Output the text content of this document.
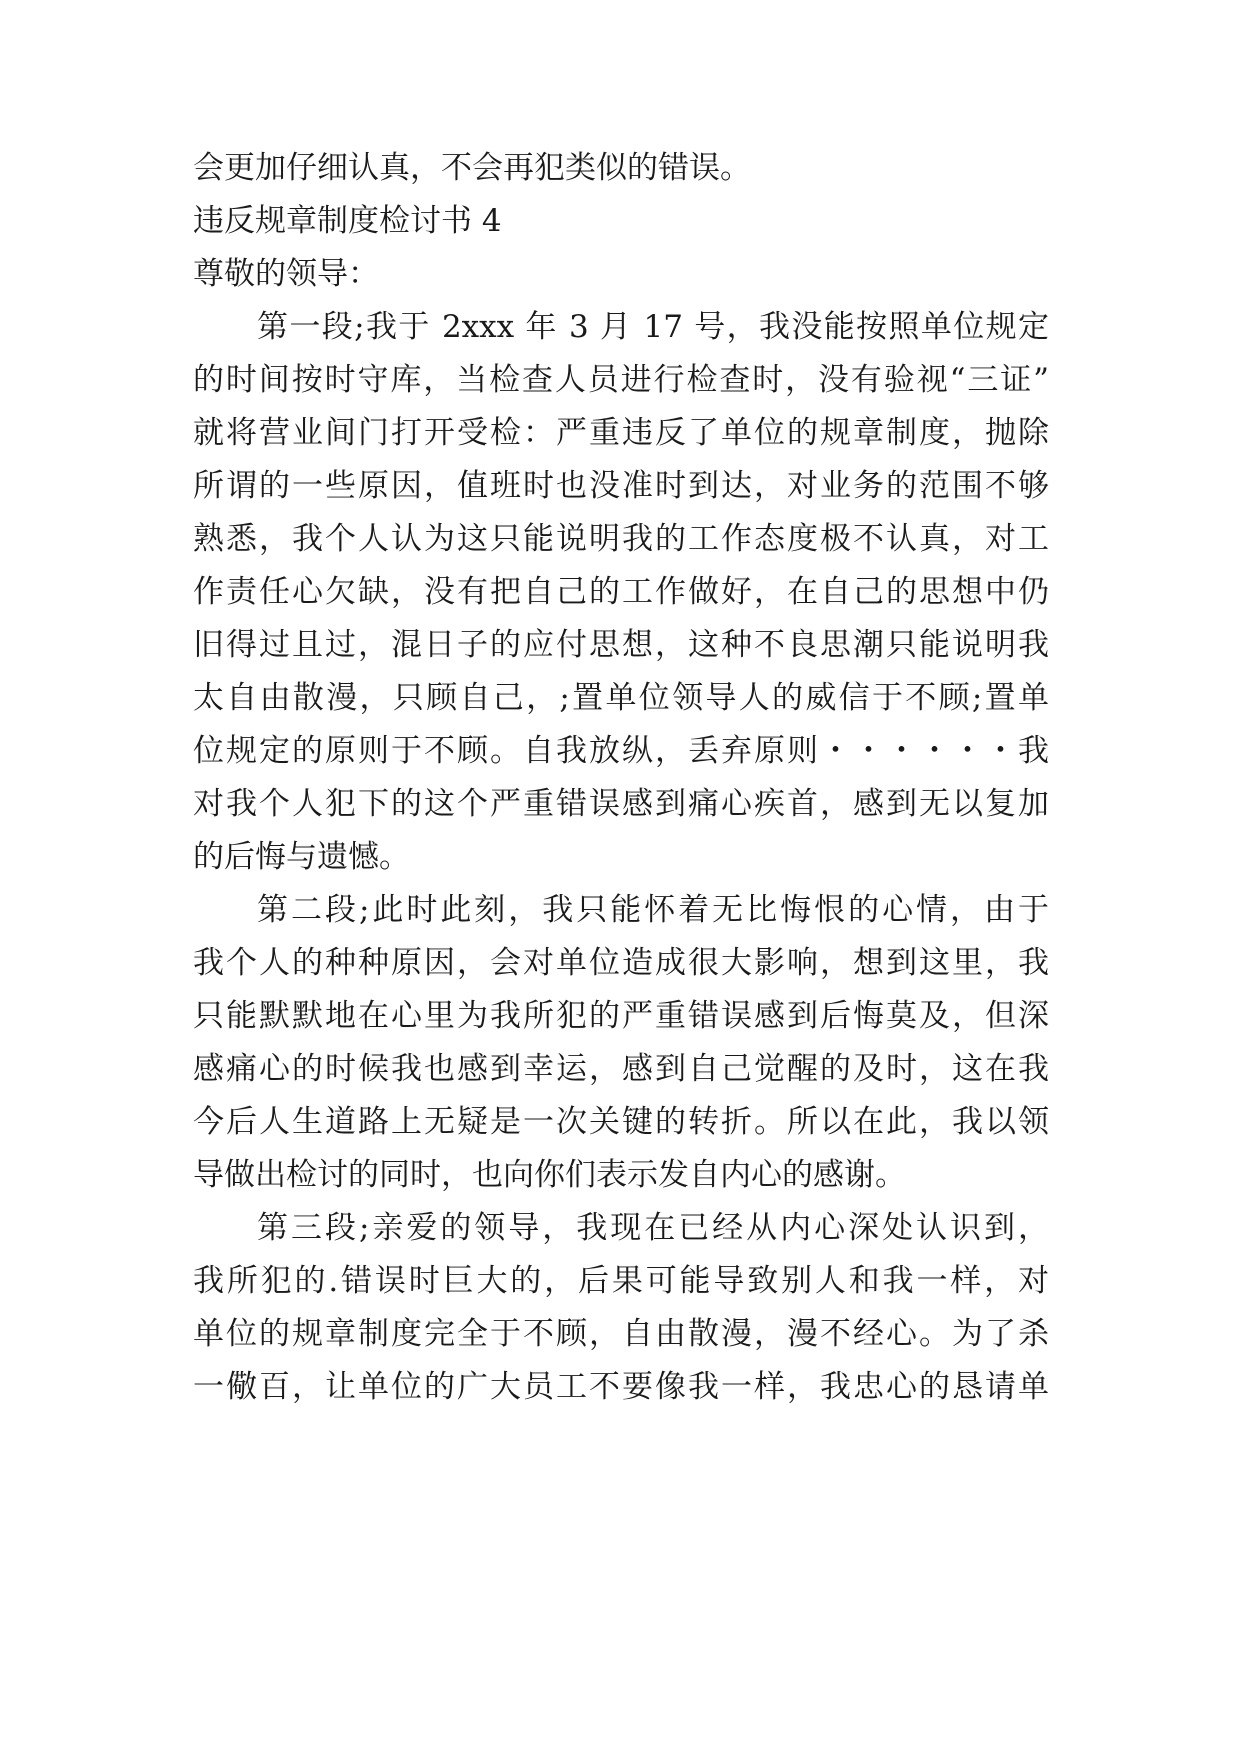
会更加仔细认真，不会再犯类似的错误。
违反规章制度检讨书 4
尊敬的领导：
第一段;我于 2xxx 年 3 月 17 号，我没能按照单位规定
的时间按时守库，当检查人员进行检查时，没有验视“三证”
就将营业间门打开受检：严重违反了单位的规章制度，抛除
所谓的一些原因，值班时也没准时到达，对业务的范围不够
熟悉，我个人认为这只能说明我的工作态度极不认真，对工
作责任心欠缺，没有把自己的工作做好，在自己的思想中仍
旧得过且过，混日子的应付思想，这种不良思潮只能说明我
太自由散漫，只顾自己，;置单位领导人的威信于不顾;置单
位规定的原则于不顾。自我放纵，丢弃原则・・・・・・我
对我个人犯下的这个严重错误感到痛心疾首，感到无以复加
的后悔与遗憾。
第二段;此时此刻，我只能怀着无比悔恨的心情，由于
我个人的种种原因，会对单位造成很大影响，想到这里，我
只能默默地在心里为我所犯的严重错误感到后悔莫及，但深
感痛心的时候我也感到幸运，感到自己觉醒的及时，这在我
今后人生道路上无疑是一次关键的转折。所以在此，我以领
导做出检讨的同时，也向你们表示发自内心的感谢。
第三段;亲爱的领导，我现在已经从内心深处认识到，
我所犯的.错误时巨大的，后果可能导致别人和我一样，对
单位的规章制度完全于不顾，自由散漫，漫不经心。为了杀
一儆百，让单位的广大员工不要像我一样，我忠心的恳请单
